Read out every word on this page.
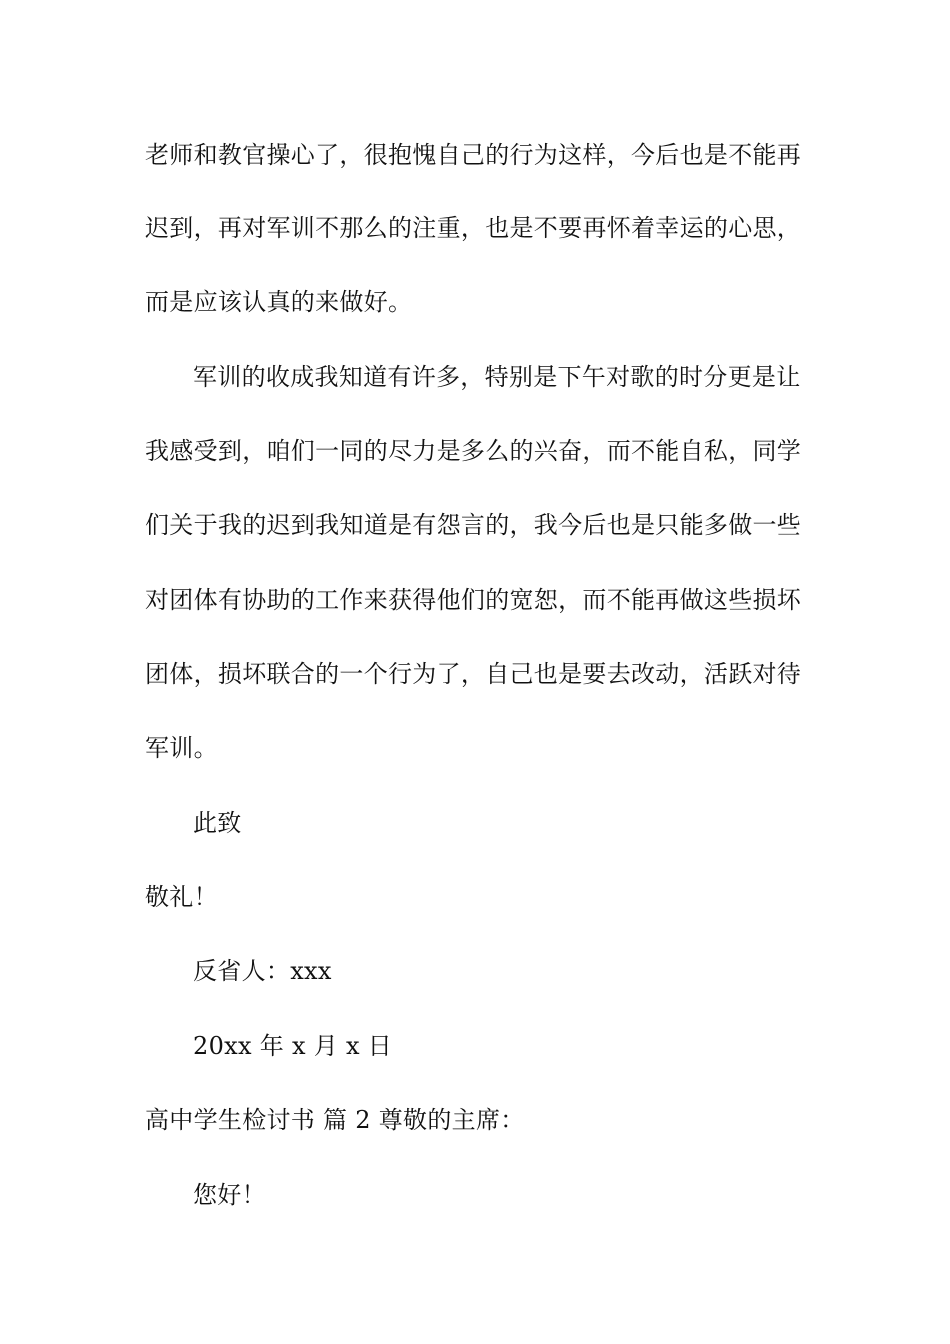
老师和教官操心了，很抱愧自己的行为这样，今后也是不能再
迟到，再对军训不那么的注重，也是不要再怀着幸运的心思，
而是应该认真的来做好。
军训的收成我知道有许多，特别是下午对歌的时分更是让
我感受到，咱们一同的尽力是多么的兴奋，而不能自私，同学
们关于我的迟到我知道是有怨言的，我今后也是只能多做一些
对团体有协助的工作来获得他们的宽恕，而不能再做这些损坏
团体，损坏联合的一个行为了，自己也是要去改动，活跃对待
军训。
此致
敬礼！
反省人：xxx
20xx 年 x 月 x 日
高中学生检讨书 篇 2 尊敬的主席：
您好！
